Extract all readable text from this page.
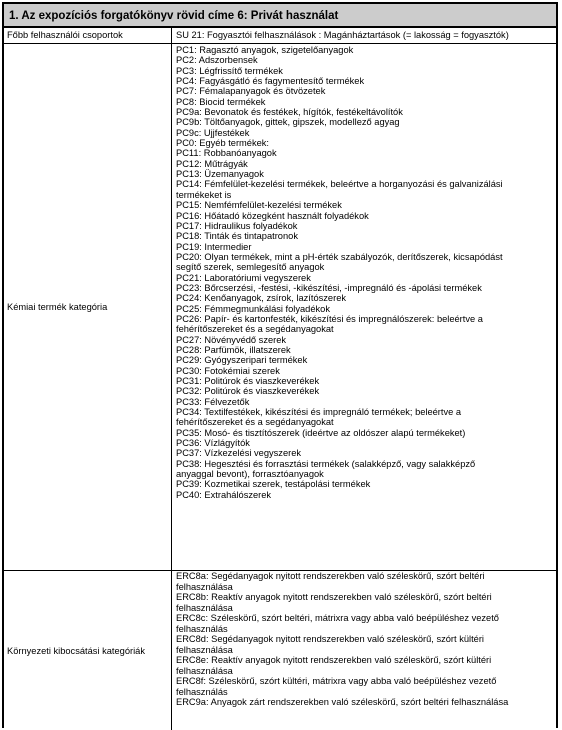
1. Az expozíciós forgatókönyv rövid címe 6: Privát használat
Főbb felhasználói csoportok	SU 21: Fogyasztói felhasználások : Magánháztartások (= lakosság = fogyasztók)
Kémiai termék kategória
PC1: Ragasztó anyagok, szigetelőanyagok
PC2: Adszorbensek
PC3: Légfrissítő termékek
PC4: Fagyásgátló és fagymentesítő termékek
PC7: Fémalapanyagok és ötvözetek
PC8: Biocid termékek
PC9a: Bevonatok és festékek, hígítók, festékeltávolítók
PC9b: Töltőanyagok, gittek, gipszek, modellező agyag
PC9c: Ujjfestékek
PC0: Egyéb termékek:
PC11: Robbanóanyagok
PC12: Műtrágyák
PC13: Üzemanyagok
PC14: Fémfelület-kezelési termékek, beleértve a horganyozási és galvanizálási
termékeket is
PC15: Nemfémfelület-kezelési termékek
PC16: Hőátadó közegként használt folyadékok
PC17: Hidraulikus folyadékok
PC18: Tinták és tintapatronok
PC19: Intermedier
PC20: Olyan termékek, mint a pH-érték szabályozók, derítőszerek, kicsapódást
segítő szerek, semlegesítő anyagok
PC21: Laboratóriumi vegyszerek
PC23: Bőrcserzési, -festési, -kikészítési, -impregnáló és -ápolási termékek
PC24: Kenőanyagok, zsírok, lazítószerek
PC25: Fémmegmunkálási folyadékok
PC26: Papír- és kartonfesték, kikészítési és impregnálószerek: beleértve a
fehérítőszereket és a segédanyagokat
PC27: Növényvédő szerek
PC28: Parfümök, illatszerek
PC29: Gyógyszeripari termékek
PC30: Fotokémiai szerek
PC31: Politúrok és viaszkeverékek
PC32: Politúrok és viaszkeverékek
PC33: Félvezetők
PC34: Textilfestékek, kikészítési és impregnáló termékek; beleértve a
fehérítőszereket és a segédanyagokat
PC35: Mosó- és tisztítószerek (ideértve az oldószer alapú termékeket)
PC36: Vízlágyítók
PC37: Vízkezelési vegyszerek
PC38: Hegesztési és forrasztási termékek (salakképző, vagy salakképző
anyaggal bevont), forrasztóanyagok
PC39: Kozmetikai szerek, testápolási termékek
PC40: Extrahálószerek
Környezeti kibocsátási kategóriák
ERC8a: Segédanyagok nyitott rendszerekben való széleskörű, szórt beltéri
felhasználása
ERC8b: Reaktív anyagok nyitott rendszerekben való széleskörű, szórt beltéri
felhasználása
ERC8c: Széleskörű, szórt beltéri, mátrixra vagy abba való beépüléshez vezető
felhasználás
ERC8d: Segédanyagok nyitott rendszerekben való széleskörű, szórt kültéri
felhasználása
ERC8e: Reaktív anyagok nyitott rendszerekben való széleskörű, szórt kültéri
felhasználása
ERC8f: Széleskörű, szórt kültéri, mátrixra vagy abba való beépüléshez vezető
felhasználás
ERC9a: Anyagok zárt rendszerekben való széleskörű, szórt beltéri felhasználása
